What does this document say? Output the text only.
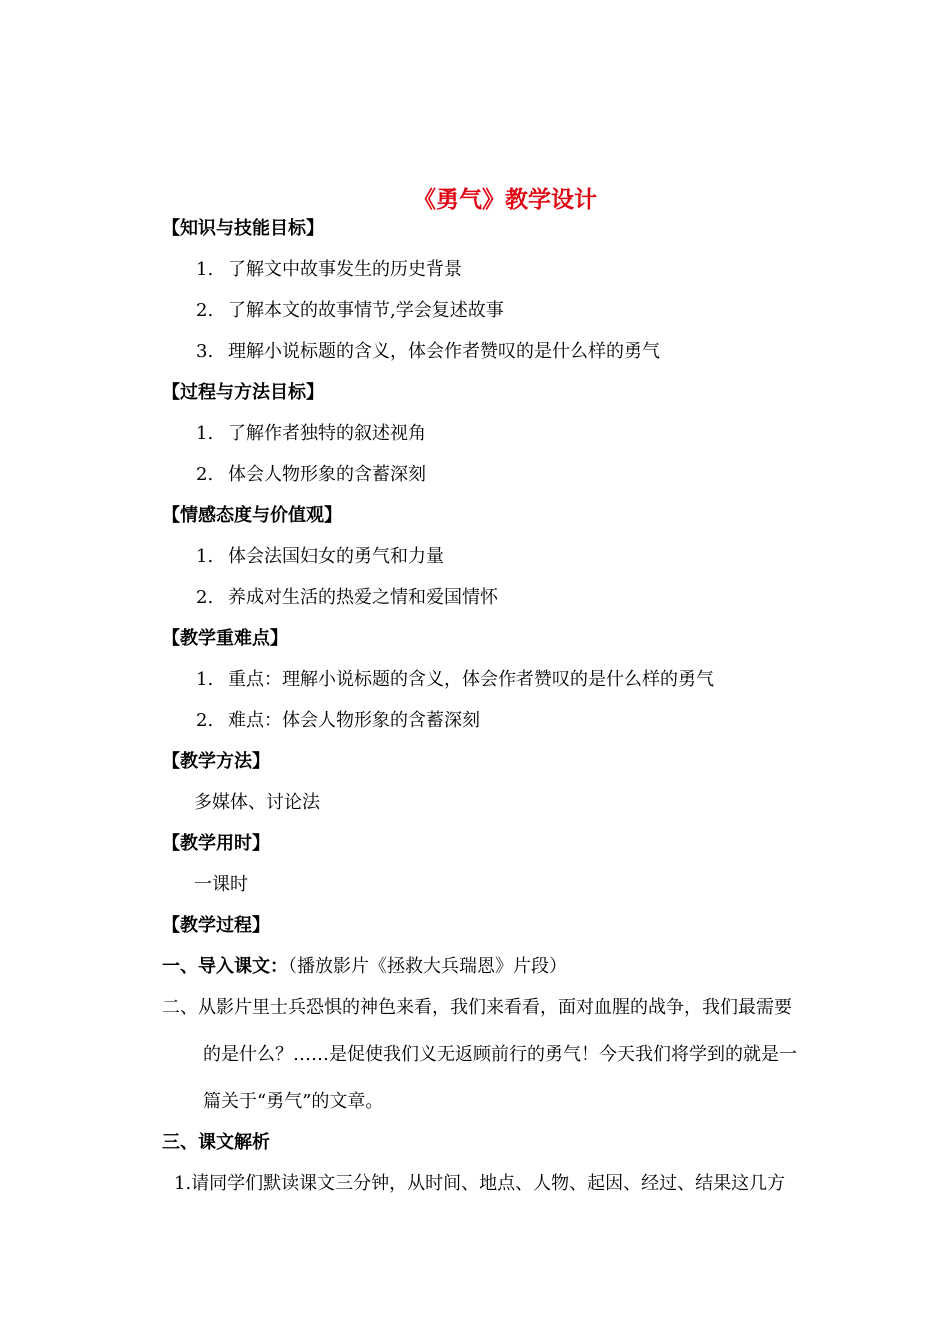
《勇气》教学设计
【知识与技能目标】
1. 了解文中故事发生的历史背景
2. 了解本文的故事情节,学会复述故事
3. 理解小说标题的含义，体会作者赞叹的是什么样的勇气
【过程与方法目标】
1. 了解作者独特的叙述视角
2. 体会人物形象的含蓄深刻
【情感态度与价值观】
1. 体会法国妇女的勇气和力量
2. 养成对生活的热爱之情和爱国情怀
【教学重难点】
1. 重点：理解小说标题的含义，体会作者赞叹的是什么样的勇气
2. 难点：体会人物形象的含蓄深刻
【教学方法】
多媒体、讨论法
【教学用时】
一课时
【教学过程】
一、导入课文：（播放影片《拯救大兵瑞恩》片段）
二、从影片里士兵恐惧的神色来看，我们来看看，面对血腥的战争，我们最需要
的是什么？……是促使我们义无返顾前行的勇气！今天我们将学到的就是一
篇关于“勇气”的文章。
三、课文解析
1.请同学们默读课文三分钟，从时间、地点、人物、起因、经过、结果这几方
